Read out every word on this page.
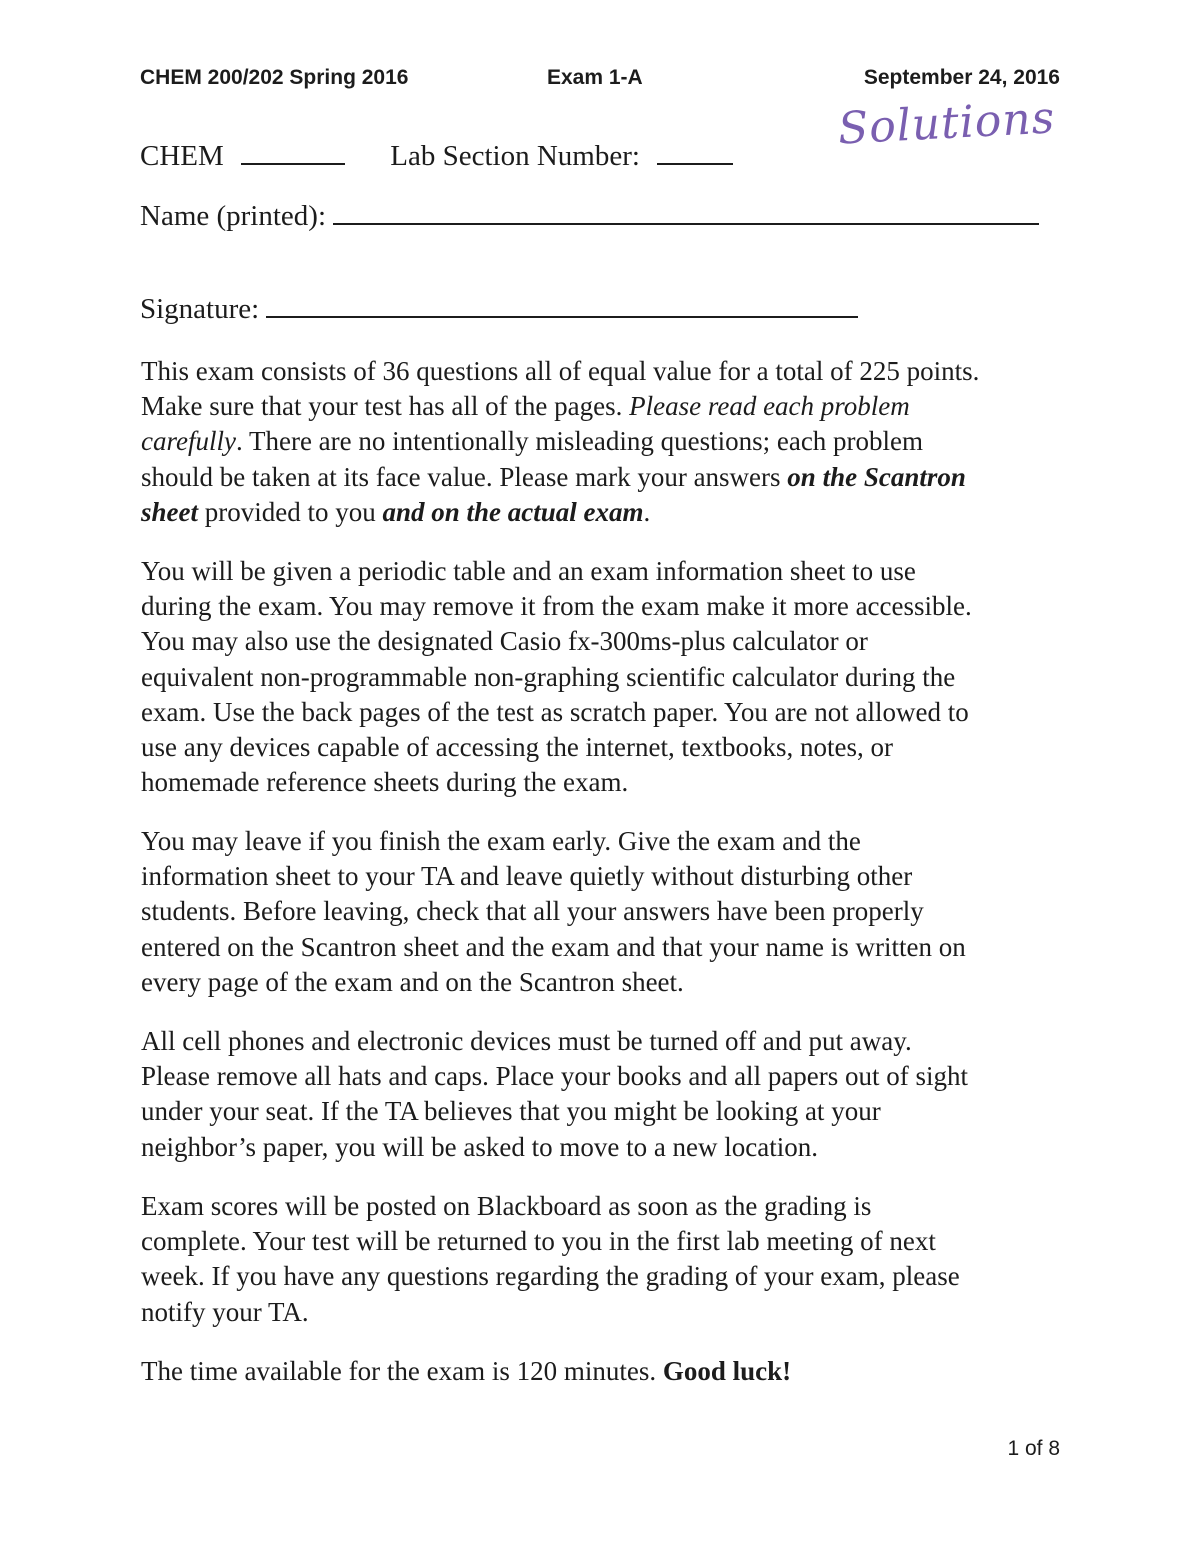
CHEM 200/202 Spring 2016	Exam 1-A	September 24, 2016
Solutions
CHEM	Lab Section Number:
Name (printed):
Signature:
This exam consists of 36 questions all of equal value for a total of 225 points.
Make sure that your test has all of the pages. Please read each problem
carefully. There are no intentionally misleading questions; each problem
should be taken at its face value. Please mark your answers on the Scantron
sheet provided to you and on the actual exam.
You will be given a periodic table and an exam information sheet to use
during the exam. You may remove it from the exam make it more accessible.
You may also use the designated Casio fx-300ms-plus calculator or
equivalent non-programmable non-graphing scientific calculator during the
exam. Use the back pages of the test as scratch paper. You are not allowed to
use any devices capable of accessing the internet, textbooks, notes, or
homemade reference sheets during the exam.
You may leave if you finish the exam early. Give the exam and the
information sheet to your TA and leave quietly without disturbing other
students. Before leaving, check that all your answers have been properly
entered on the Scantron sheet and the exam and that your name is written on
every page of the exam and on the Scantron sheet.
All cell phones and electronic devices must be turned off and put away.
Please remove all hats and caps. Place your books and all papers out of sight
under your seat. If the TA believes that you might be looking at your
neighbor’s paper, you will be asked to move to a new location.
Exam scores will be posted on Blackboard as soon as the grading is
complete. Your test will be returned to you in the first lab meeting of next
week. If you have any questions regarding the grading of your exam, please
notify your TA.
The time available for the exam is 120 minutes. Good luck!
1 of 8
